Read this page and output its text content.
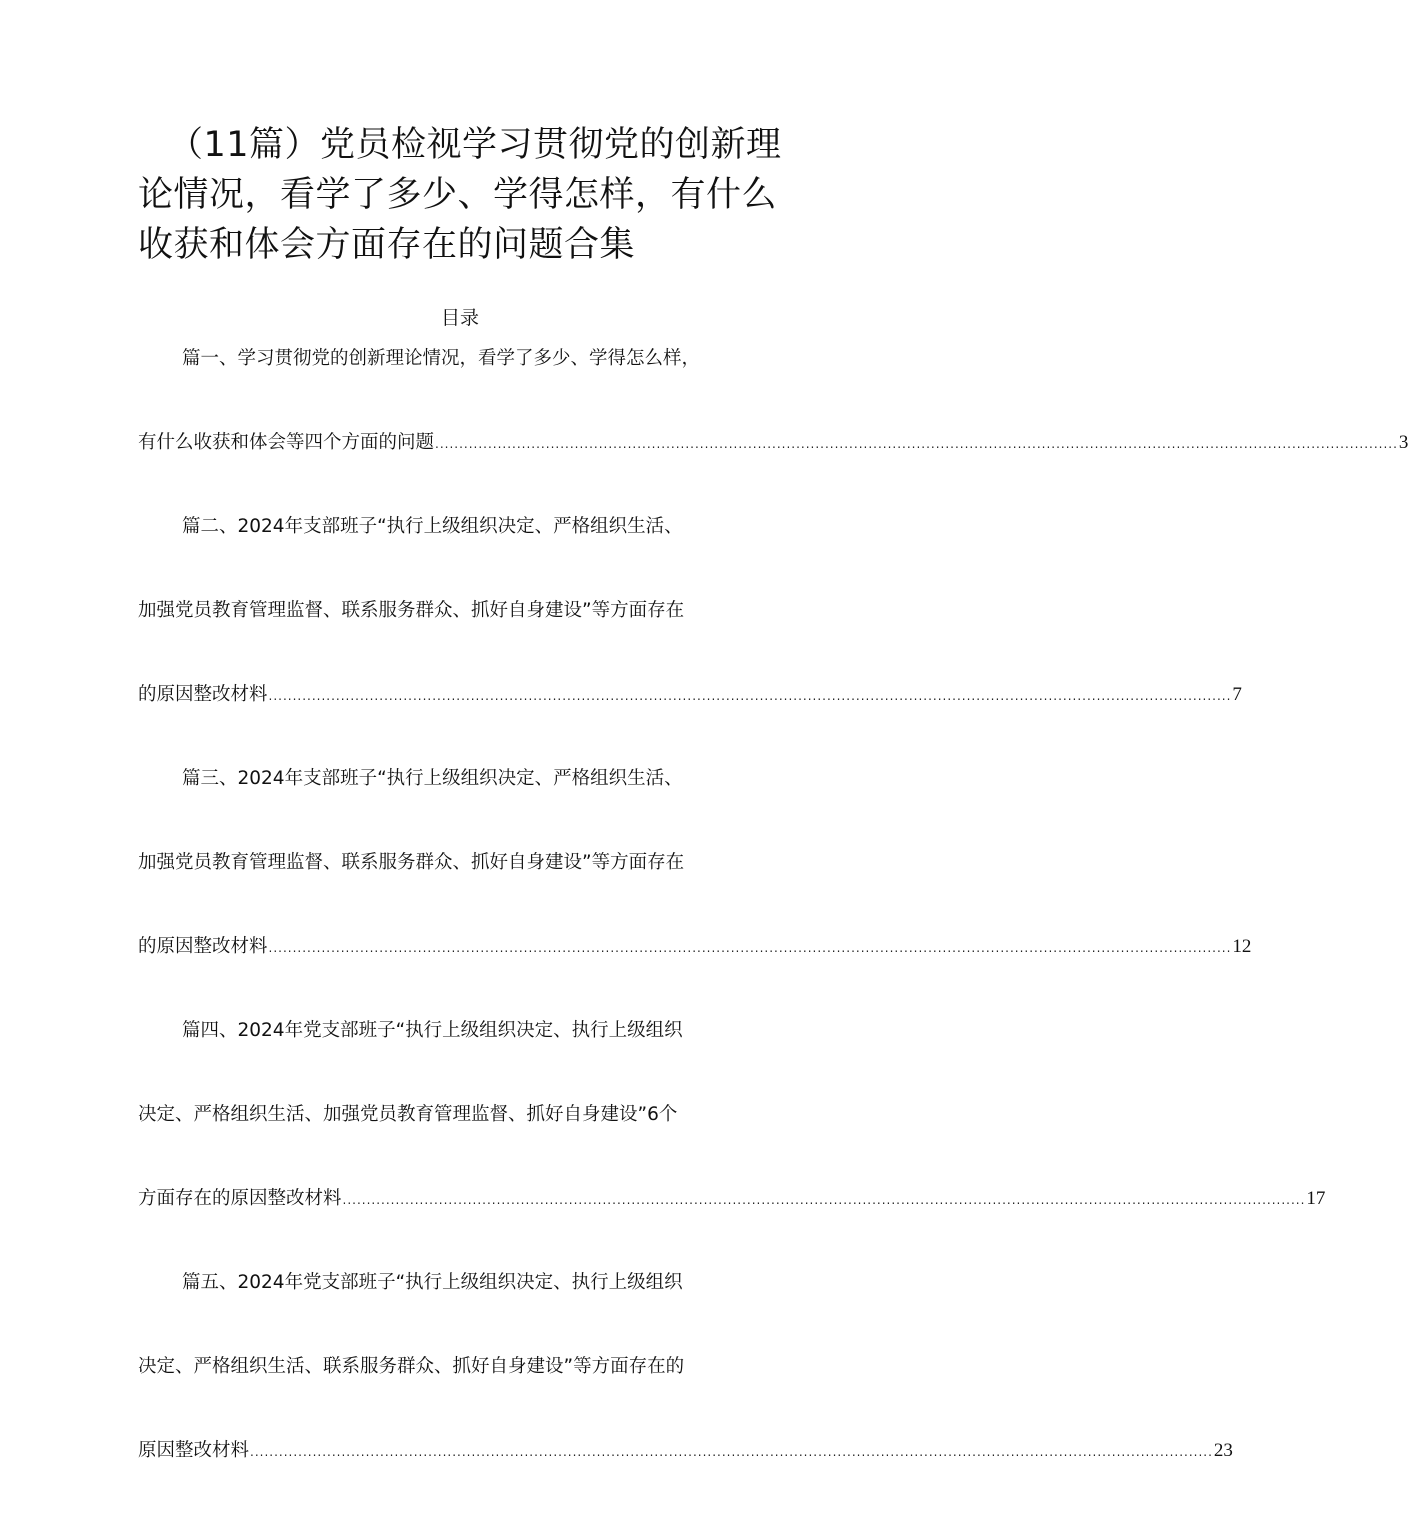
（11篇）党员检视学习贯彻党的创新理论情况，看学了多少、学得怎样，有什么收获和体会方面存在的问题合集
目录
篇一、学习贯彻党的创新理论情况，看学了多少、学得怎么样，
有什么收获和体会等四个方面的问题 ........................................................................................................................................................................................................ 3
篇二、2024年支部班子“执行上级组织决定、严格组织生活、
加强党员教育管理监督、联系服务群众、抓好自身建设”等方面存在
的原因整改材料 ........................................................................................................................................................................................................ 7
篇三、2024年支部班子“执行上级组织决定、严格组织生活、
加强党员教育管理监督、联系服务群众、抓好自身建设”等方面存在
的原因整改材料 ........................................................................................................................................................................................................ 12
篇四、2024年党支部班子“执行上级组织决定、执行上级组织
决定、严格组织生活、加强党员教育管理监督、抓好自身建设”6个
方面存在的原因整改材料 ........................................................................................................................................................................................................ 17
篇五、2024年党支部班子“执行上级组织决定、执行上级组织
决定、严格组织生活、联系服务群众、抓好自身建设”等方面存在的
原因整改材料 ........................................................................................................................................................................................................ 23
